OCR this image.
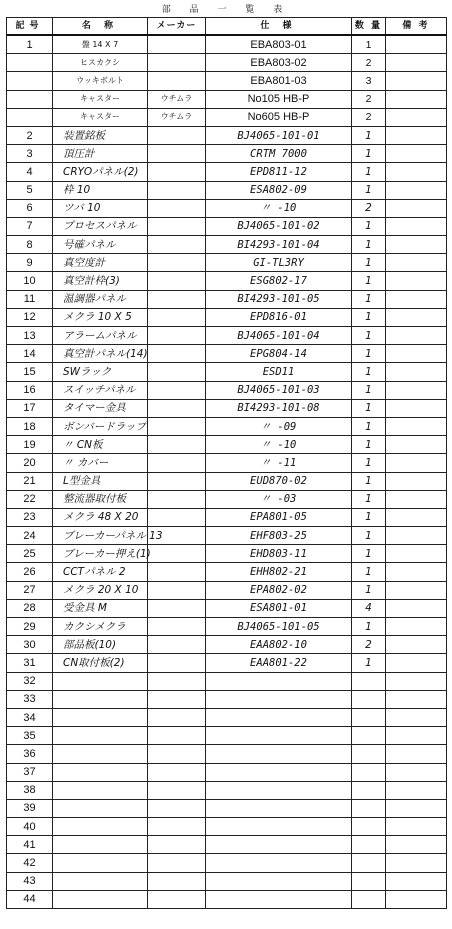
部 品 一 覧 表
記号	名 称	メーカー	仕 様	数 量	備 考
1	盤 14 X 7		EBA803-01	1	
	ヒスカクシ		EBA803-02	2	
	ウッキボルト		EBA801-03	3	
	キャスター	ウチムラ	No105 HB-P	2	
	キャスター	ウチムラ	No605 HB-P	2	
2	装置銘板		BJ4065-101-01	1	
3	頂圧計		CRTM 7000	1	
4	CRYOパネル(2)		EPD811-12	1	
5	枠 10		ESA802-09	1	
6	ツバ 10		〃 -10	2	
7	プロセスパネル		BJ4065-101-02	1	
8	号確パネル		BI4293-101-04	1	
9	真空度計		GI-TL3RY	1	
10	真空計枠(3)		ESG802-17	1	
11	温調器パネル		BI4293-101-05	1	
12	メクラ 10 X 5		EPD816-01	1	
13	アラームパネル		BJ4065-101-04	1	
14	真空計パネル(14)		EPG804-14	1	
15	SWラック		ESD11	1	
16	スイッチパネル		BJ4065-101-03	1	
17	タイマー金具		BI4293-101-08	1	
18	ボンバードラップ		〃 -09	1	
19	〃 CN板		〃 -10	1	
20	〃 カバー		〃 -11	1	
21	L型金具		EUD870-02	1	
22	整流器取付板		〃 -03	1	
23	メクラ 48 X 20		EPA801-05	1	
24	ブレーカーパネル 13		EHF803-25	1	
25	ブレーカー押え(1)		EHD803-11	1	
26	CCTパネル 2		EHH802-21	1	
27	メクラ 20 X 10		EPA802-02	1	
28	受金具 M		ESA801-01	4	
29	カクシメクラ		BJ4065-101-05	1	
30	部品板(10)		EAA802-10	2	
31	CN取付板(2)		EAA801-22	1	
32					
33					
34					
35					
36					
37					
38					
39					
40					
41					
42					
43					
44					
